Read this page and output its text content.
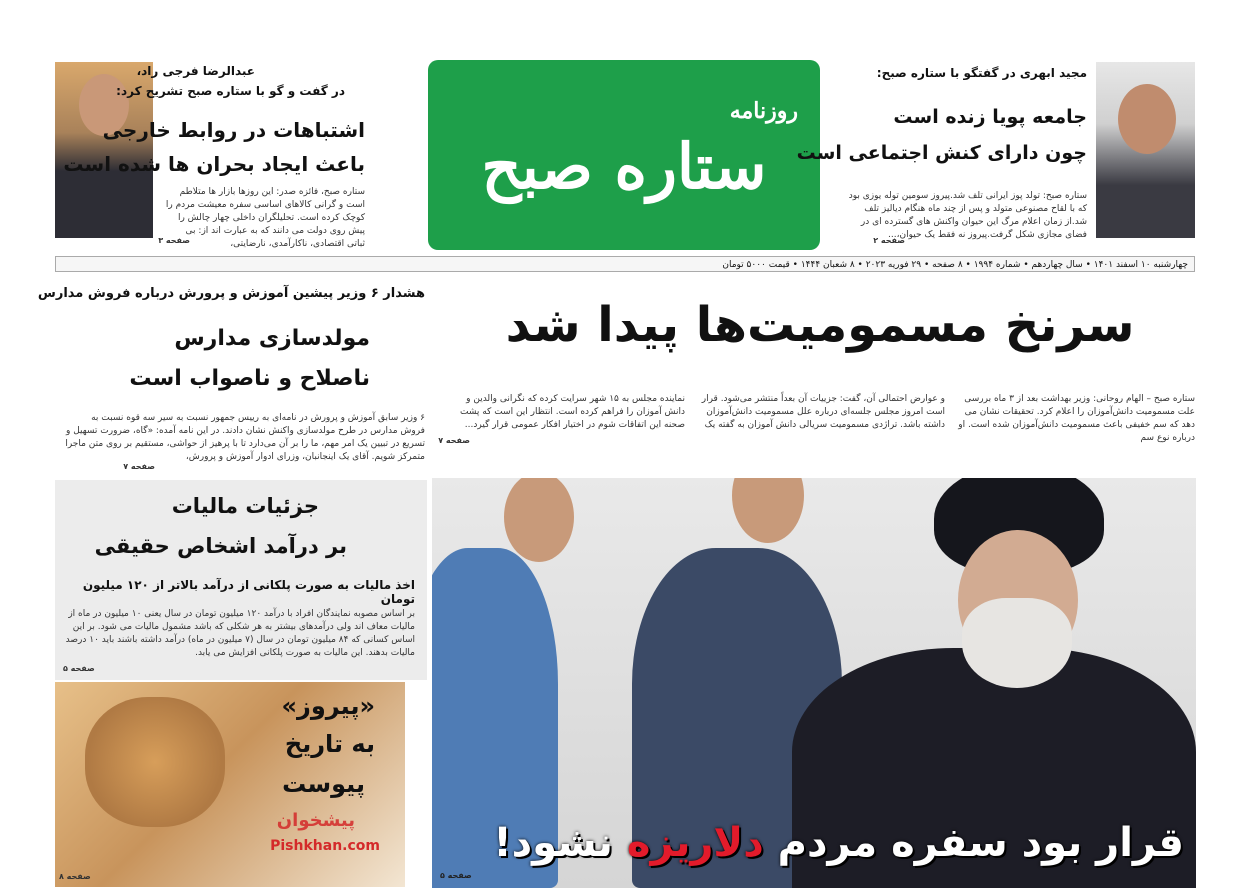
عبدالرضا فرجی راد،
در گفت و گو با ستاره صبح تشریح کرد:
اشتباهات در روابط خارجی
باعث ایجاد بحران ها شده است
ستاره صبح، فائزه صدر: این روزها بازار ها متلاطم است و گرانی کالاهای اساسی سفره معیشت مردم را کوچک کرده است. تحلیلگران داخلی چهار چالش را پیش روی دولت می دانند که به عبارت اند از: بی ثباتی اقتصادی، ناکارآمدی، نارضایتی،
صفحه ۳
روزنامه
ستاره صبح
مجید ابهری در گفتگو با ستاره صبح:
جامعه پویا زنده است
چون دارای کنش اجتماعی است
ستاره صبح: تولد پوز ایرانی تلف شد.پیروز سومین توله یوزی بود که با لقاح مصنوعی متولد و پس از چند ماه هنگام دیالیز تلف شد.از زمان اعلام مرگ این حیوان واکنش های گسترده ای در فضای مجازی شکل گرفت.پیروز نه فقط یک حیوان،...
صفحه ۲
چهارشنبه ۱۰ اسفند ۱۴۰۱ • سال چهاردهم • شماره ۱۹۹۴ • ۸ صفحه • ۲۹ فوریه ۲۰۲۳ • ۸ شعبان ۱۴۴۴ • قیمت ۵۰۰۰ تومان
سرنخ مسمومیت‌ها پیدا شد
ستاره صبح – الهام روحانی: وزیر بهداشت بعد از ۳ ماه بررسی علت مسمومیت دانش‌آموزان را اعلام کرد. تحقیقات نشان می دهد که سم خفیفی باعث مسمومیت دانش‌آموزان شده است. او درباره نوع سم
و عوارض احتمالی آن، گفت: جزییات آن بعداً منتشر می‌شود. قرار است امروز مجلس جلسه‌ای درباره علل مسمومیت دانش‌آموزان داشته باشد. تراژدی مسمومیت سریالی دانش آموزان به گفته یک
نماینده مجلس به ۱۵ شهر سرایت کرده که نگرانی والدین و دانش آموزان را فراهم کرده است. انتظار این است که پشت صحنه این اتفاقات شوم در اختیار افکار عمومی قرار گیرد...
صفحه ۷
هشدار ۶ وزیر پیشین آموزش و پرورش درباره فروش مدارس
مولدسازی مدارس
ناصلاح و ناصواب است
۶ وزیر سابق آموزش و پرورش در نامه‌ای به رییس جمهور نسبت به سیر سه قوه نسبت به فروش مدارس در طرح مولدسازی واکنش نشان دادند. در این نامه آمده: «گاه، ضرورت تسهیل و تسریع در تبیین یک امر مهم، ما را بر آن می‌دارد تا با پرهیز از حواشی، مستقیم بر روی متن ماجرا متمرکز شویم. آقای یک اینجانبان، وزرای ادوار آموزش و پرورش،
صفحه ۷
جزئیات مالیات
بر درآمد اشخاص حقیقی
اخذ مالیات به صورت پلکانی از درآمد بالاتر از ۱۲۰ میلیون تومان
بر اساس مصوبه نمایندگان افراد با درآمد ۱۲۰ میلیون تومان در سال یعنی ۱۰ میلیون در ماه از مالیات معاف اند ولی درآمدهای بیشتر به هر شکلی که باشد مشمول مالیات می شود. بر این اساس کسانی که ۸۴ میلیون تومان در سال (۷ میلیون در ماه) درآمد داشته باشند باید ۱۰ درصد مالیات بدهند. این مالیات به صورت پلکانی افزایش می یابد.
صفحه ۵
«پیروز»
به تاریخ
پیوست
پیشخوان
Pishkhan.com
صفحه ۸
قرار بود سفره مردم دلاریزه نشود!
صفحه ۵
